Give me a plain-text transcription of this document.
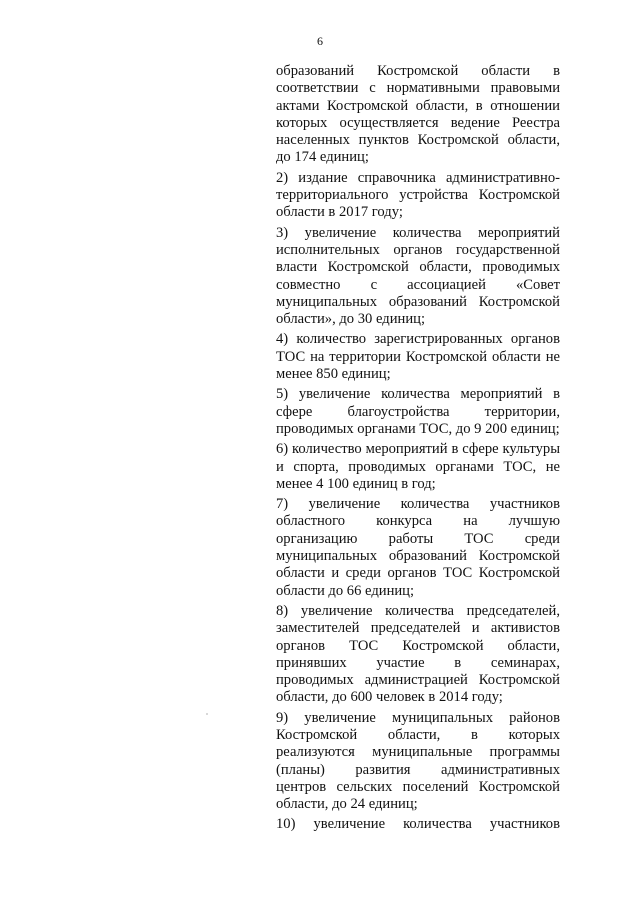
6

образований Костромской области в соответствии с нормативными правовыми актами Костромской области, в отношении которых осуществляется ведение Реестра населенных пунктов Костромской области, до 174 единиц;

2) издание справочника административно-территориального устройства Костромской области в 2017 году;

3) увеличение количества мероприятий исполнительных органов государственной власти Костромской области, проводимых совместно с ассоциацией «Совет муниципальных образований Костромской области», до 30 единиц;

4) количество зарегистрированных органов ТОС на территории Костромской области не менее 850 единиц;

5) увеличение количества мероприятий в сфере благоустройства территории, проводимых органами ТОС, до 9 200 единиц;

6) количество мероприятий в сфере культуры и спорта, проводимых органами ТОС, не менее 4 100 единиц в год;

7) увеличение количества участников областного конкурса на лучшую организацию работы ТОС среди муниципальных образований Костромской области и среди органов ТОС Костромской области до 66 единиц;

8) увеличение количества председателей, заместителей председателей и активистов органов ТОС Костромской области, принявших участие в семинарах, проводимых администрацией Костромской области, до 600 человек в 2014 году;

9) увеличение муниципальных районов Костромской области, в которых реализуются муниципальные программы (планы) развития административных центров сельских поселений Костромской области, до 24 единиц;

10) увеличение количества участников
